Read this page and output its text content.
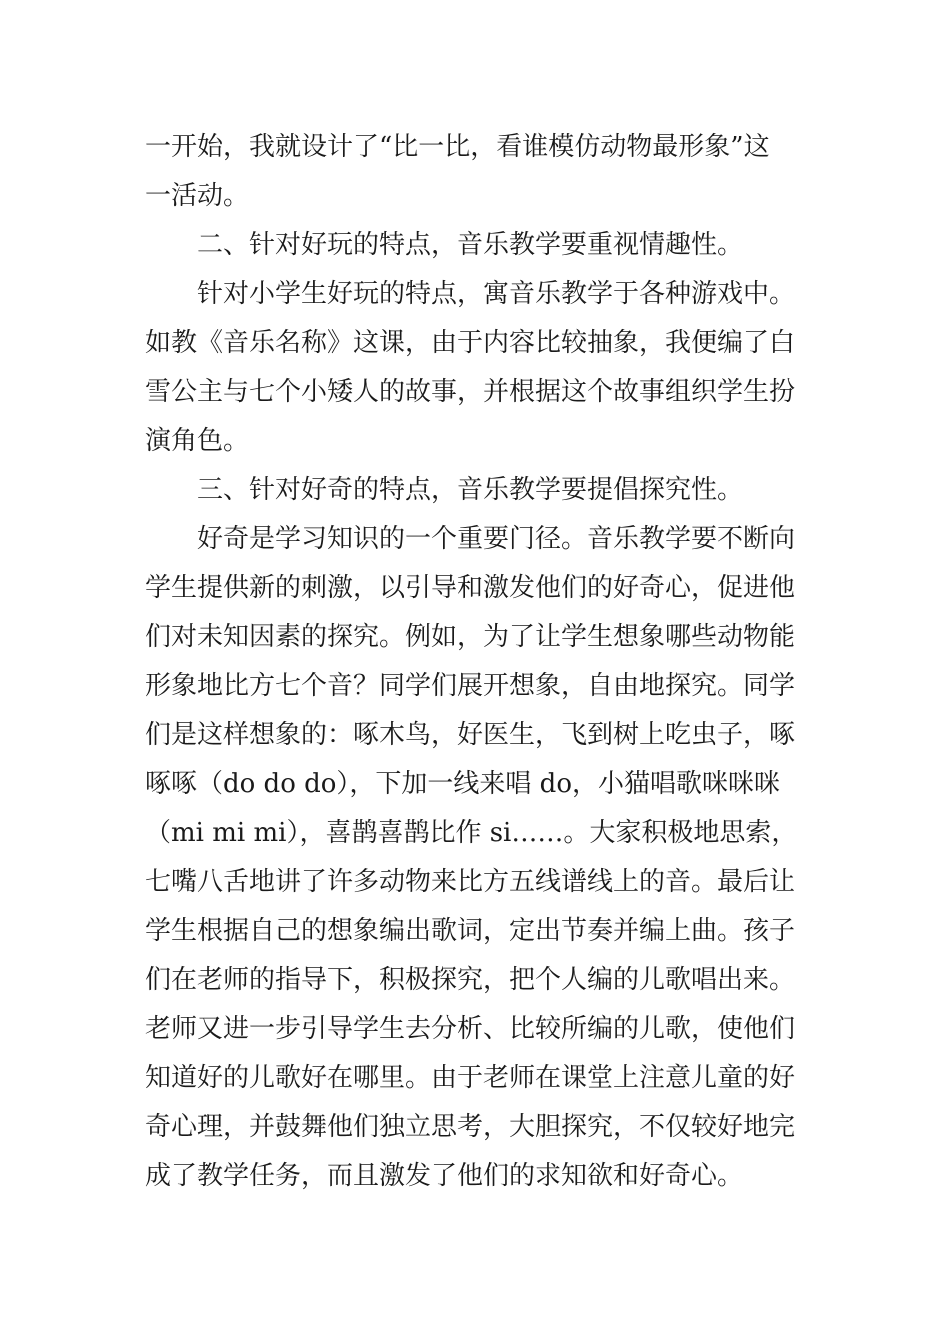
一开始，我就设计了“比一比，看谁模仿动物最形象”这
一活动。
二、针对好玩的特点，音乐教学要重视情趣性。
针对小学生好玩的特点，寓音乐教学于各种游戏中。
如教《音乐名称》这课，由于内容比较抽象，我便编了白
雪公主与七个小矮人的故事，并根据这个故事组织学生扮
演角色。
三、针对好奇的特点，音乐教学要提倡探究性。
好奇是学习知识的一个重要门径。音乐教学要不断向
学生提供新的刺激，以引导和激发他们的好奇心，促进他
们对未知因素的探究。例如，为了让学生想象哪些动物能
形象地比方七个音？同学们展开想象，自由地探究。同学
们是这样想象的：啄木鸟，好医生，飞到树上吃虫子，啄
啄啄（do do do），下加一线来唱 do，小猫唱歌咪咪咪
（mi mi mi），喜鹊喜鹊比作 si……。大家积极地思索，
七嘴八舌地讲了许多动物来比方五线谱线上的音。最后让
学生根据自己的想象编出歌词，定出节奏并编上曲。孩子
们在老师的指导下，积极探究，把个人编的儿歌唱出来。
老师又进一步引导学生去分析、比较所编的儿歌，使他们
知道好的儿歌好在哪里。由于老师在课堂上注意儿童的好
奇心理，并鼓舞他们独立思考，大胆探究，不仅较好地完
成了教学任务，而且激发了他们的求知欲和好奇心。
